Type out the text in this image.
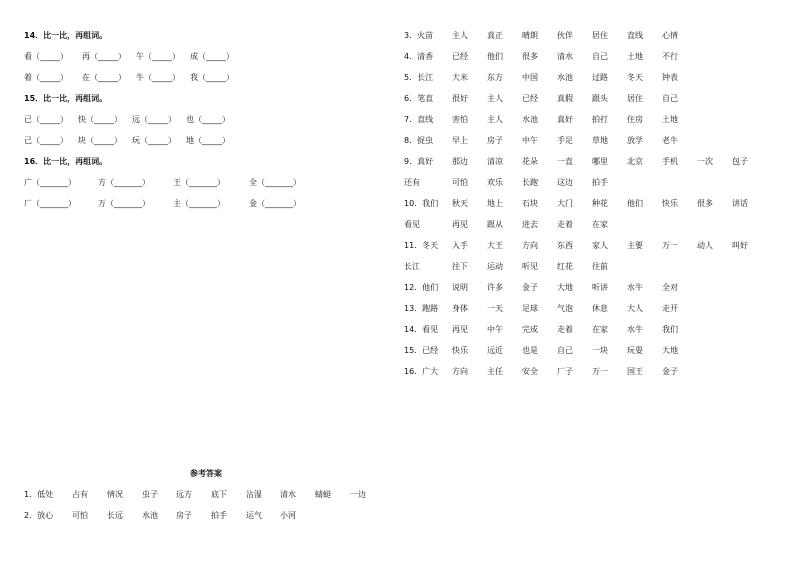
14．比一比，再组词。
看（_____） 再（_____） 午（_____） 成（_____）
着（_____） 在（_____） 牛（_____） 我（_____）
15．比一比，再组词。
已（_____） 快（_____） 远（_____） 也（_____）
己（_____） 块（_____） 玩（_____） 地（_____）
16．比一比，再组词。
广（_______）	方（_______）	王（_______）	全（_______）
厂（_______）	万（_______）	主（_______）	金（_______）
参考答案
1．低处 占有 情况 虫子 远方 底下 沾湿 清水 蜻蜓 一边
2．放心 可怕 长远 水池 房子 拍手 运气 小河
3．火苗 主人 真正 晴朗 伙伴 居住 直线 心情
4．清香 已经 他们 很多 清水 自己 土地 不行
5．长江 大米 东方 中国 水池 过路 冬天 钟表
6．笔直 很好 主人 已经 真假 跟头 居住 自己
7．直线 害怕 主人 水池 真好 拍打 住房 土地
8．捉虫 早上 房子 中午 手足 草地 放学 老牛
9．真好 那边 清凉 花朵 一直 哪里 北京 手机 一次 包子
还有	可怕 欢乐 长跑 这边 拍手
10．我们 秋天 地上 石块 大门 种花 他们 快乐 很多 讲话
看见	再见 跟从 进去 走着 在家
11．冬天 入手 大王 方向 东西 家人 主要 万一 动人 叫好
长江	往下 运动 听见 红花 往前
12．他们 说明 许多 金子 大地 听讲 水牛 全对
13．跑路 身体 一天 足球 气泡 休息 大人 走开
14．看见 再见 中午 完成 走着 在家 水牛 我们
15．已经 快乐 远近 也是 自己 一块 玩耍 大地
16．广大 方向 主任 安全 厂子 万一 国王 金子
